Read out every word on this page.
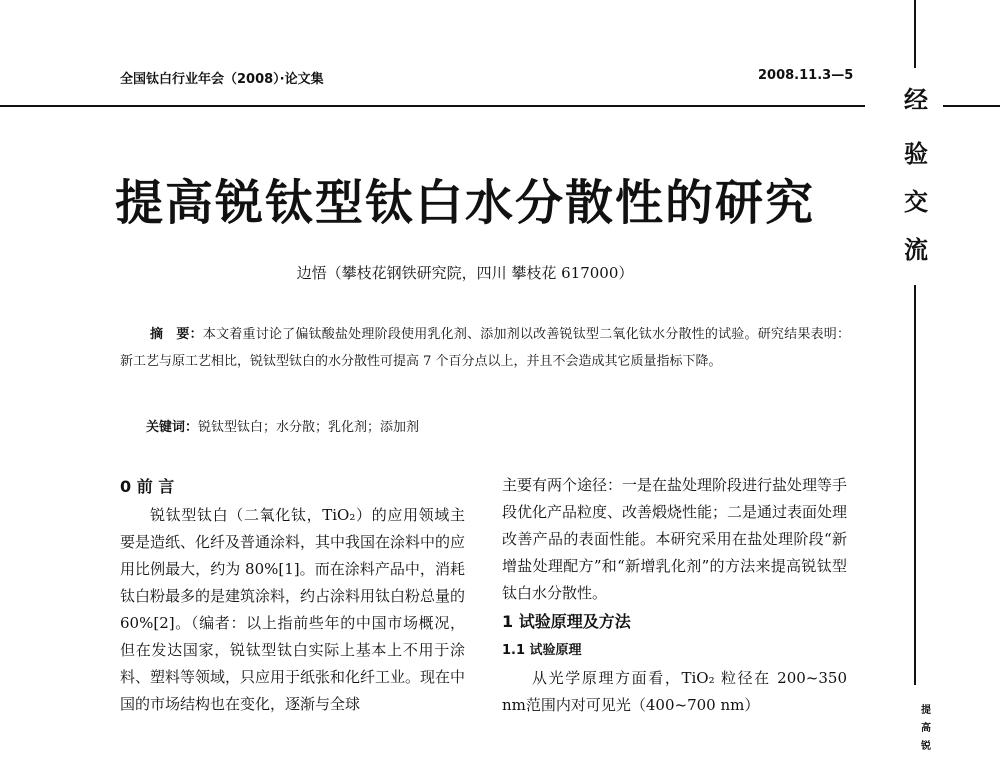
全国钛白行业年会（2008）·论文集	2008.11.3—5
经
验
交
流
提
高
锐
提高锐钛型钛白水分散性的研究
边悟（攀枝花钢铁研究院，四川 攀枝花 617000）
摘　要：本文着重讨论了偏钛酸盐处理阶段使用乳化剂、添加剂以改善锐钛型二氧化钛水分散性的试验。研究结果表明：新工艺与原工艺相比，锐钛型钛白的水分散性可提高 7 个百分点以上，并且不会造成其它质量指标下降。
关键词：锐钛型钛白；水分散；乳化剂；添加剂
0 前 言

锐钛型钛白（二氧化钛，TiO₂）的应用领域主要是造纸、化纤及普通涂料，其中我国在涂料中的应用比例最大，约为 80%[1]。而在涂料产品中，消耗钛白粉最多的是建筑涂料，约占涂料用钛白粉总量的 60%[2]。（编者：以上指前些年的中国市场概况，但在发达国家，锐钛型钛白实际上基本上不用于涂料、塑料等领域，只应用于纸张和化纤工业。现在中国的市场结构也在变化，逐渐与全球

主要有两个途径：一是在盐处理阶段进行盐处理等手段优化产品粒度、改善煅烧性能；二是通过表面处理改善产品的表面性能。本研究采用在盐处理阶段“新增盐处理配方”和“新增乳化剂”的方法来提高锐钛型钛白水分散性。

1 试验原理及方法
1.1 试验原理

从光学原理方面看，TiO₂ 粒径在 200~350 nm范围内对可见光（400~700 nm）
